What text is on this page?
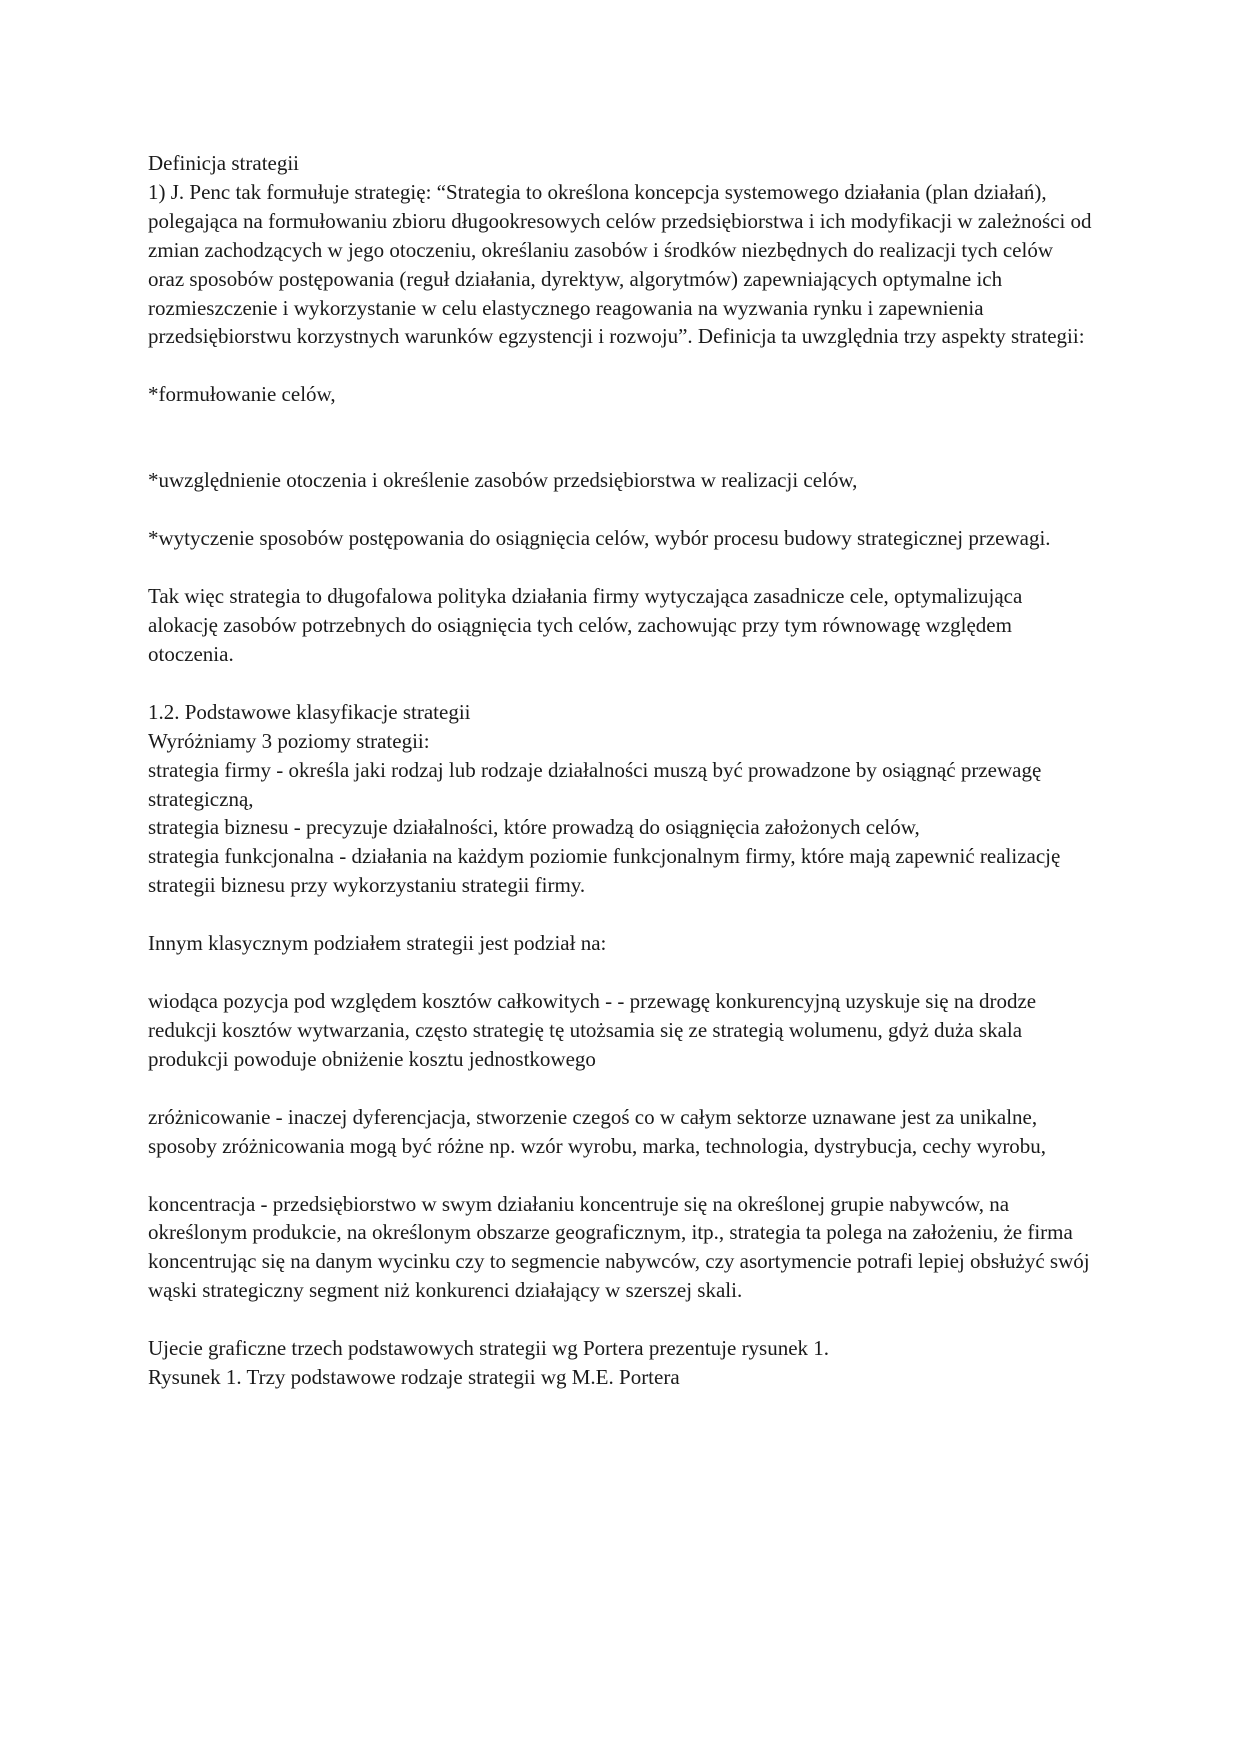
Definicja strategii

1) J. Penc tak formułuje strategię: “Strategia to określona koncepcja systemowego działania (plan działań), polegająca na formułowaniu zbioru długookresowych celów przedsiębiorstwa i ich modyfikacji w zależności od zmian zachodzących w jego otoczeniu, określaniu zasobów i środków niezbędnych do realizacji tych celów oraz sposobów postępowania (reguł działania, dyrektyw, algorytmów) zapewniających optymalne ich rozmieszczenie i wykorzystanie w celu elastycznego reagowania na wyzwania rynku i zapewnienia przedsiębiorstwu korzystnych warunków egzystencji i rozwoju”. Definicja ta uwzględnia trzy aspekty strategii:

*formułowanie celów,

*uwzględnienie otoczenia i określenie zasobów przedsiębiorstwa w realizacji celów,

*wytyczenie sposobów postępowania do osiągnięcia celów, wybór procesu budowy strategicznej przewagi.

Tak więc strategia to długofalowa polityka działania firmy wytyczająca zasadnicze cele, optymalizująca alokację zasobów potrzebnych do osiągnięcia tych celów, zachowując przy tym równowagę względem otoczenia.

1.2. Podstawowe klasyfikacje strategii

Wyróżniamy 3 poziomy strategii:

strategia firmy - określa jaki rodzaj lub rodzaje działalności muszą być prowadzone by osiągnąć przewagę strategiczną,

strategia biznesu - precyzuje działalności, które prowadzą do osiągnięcia założonych celów,

strategia funkcjonalna - działania na każdym poziomie funkcjonalnym firmy, które mają zapewnić realizację strategii biznesu przy wykorzystaniu strategii firmy.

Innym klasycznym podziałem strategii jest podział na:

wiodąca pozycja pod względem kosztów całkowitych - - przewagę konkurencyjną uzyskuje się na drodze redukcji kosztów wytwarzania, często strategię tę utożsamia się ze strategią wolumenu, gdyż duża skala produkcji powoduje obniżenie kosztu jednostkowego

zróżnicowanie - inaczej dyferencjacja, stworzenie czegoś co w całym sektorze uznawane jest za unikalne, sposoby zróżnicowania mogą być różne np. wzór wyrobu, marka, technologia, dystrybucja, cechy wyrobu,

koncentracja - przedsiębiorstwo w swym działaniu koncentruje się na określonej grupie nabywców, na określonym produkcie, na określonym obszarze geograficznym, itp., strategia ta polega na założeniu, że firma koncentrując się na danym wycinku czy to segmencie nabywców, czy asortymencie potrafi lepiej obsłużyć swój wąski strategiczny segment niż konkurenci działający w szerszej skali.

Ujecie graficzne trzech podstawowych strategii wg Portera prezentuje rysunek 1.

Rysunek 1. Trzy podstawowe rodzaje strategii wg M.E. Portera
